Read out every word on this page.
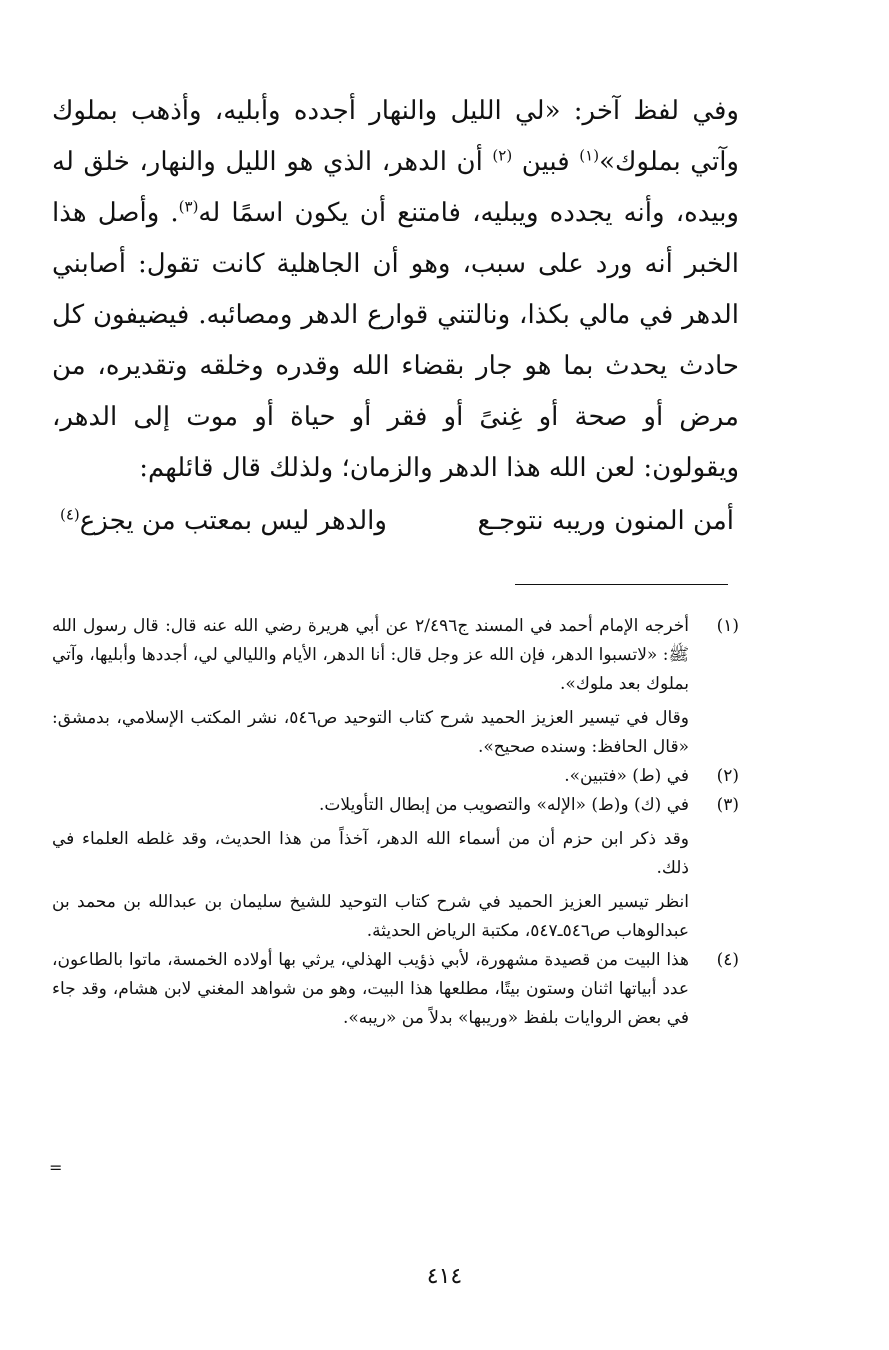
وفي لفظ آخر: «لي الليل والنهار أجدده وأبليه، وأذهب بملوك وآتي بملوك»$^{(١)}$ فبين $^{(٢)}$ أن الدهر، الذي هو الليل والنهار، خلق له وبيده، وأنه يجدده ويبليه، فامتنع أن يكون اسمًا له$^{(٣)}$. وأصل هذا الخبر أنه ورد على سبب، وهو أن الجاهلية كانت تقول: أصابني الدهر في مالي بكذا، ونالتني قوارع الدهر ومصائبه. فيضيفون كل حادث يحدث بما هو جار بقضاء الله وقدره وخلقه وتقديره، من مرض أو صحة أو غِنىً أو فقر أو حياة أو موت إلى الدهر، ويقولون: لعن الله هذا الدهر والزمان؛ ولذلك قال قائلهم:

أمن المنون وريبه نتوجـع
والدهر ليس بمعتب من يجزع$^{(٤)}$
(١)

أخرجه الإمام أحمد في المسند ج٢/٤٩٦ عن أبي هريرة رضي الله عنه قال: قال رسول الله ﷺ: «لاتسبوا الدهر، فإن الله عز وجل قال: أنا الدهر، الأيام والليالي لي، أجددها وأبليها، وآتي بملوك بعد ملوك».

وقال في تيسير العزيز الحميد شرح كتاب التوحيد ص٥٤٦، نشر المكتب الإسلامي، بدمشق: «قال الحافظ: وسنده صحيح».

(٢)

في (ط) «فتبين».

(٣)

في (ك) و(ط) «الإله» والتصويب من إبطال التأويلات.

وقد ذكر ابن حزم أن من أسماء الله الدهر، آخذاً من هذا الحديث، وقد غلطه العلماء في ذلك.

انظر تيسير العزيز الحميد في شرح كتاب التوحيد للشيخ سليمان بن عبدالله بن محمد بن عبدالوهاب ص٥٤٦ـ٥٤٧، مكتبة الرياض الحديثة.

(٤)

هذا البيت من قصيدة مشهورة، لأبي ذؤيب الهذلي، يرثي بها أولاده الخمسة، ماتوا بالطاعون، عدد أبياتها اثنان وستون بيتًا، مطلعها هذا البيت، وهو من شواهد المغني لابن هشام، وقد جاء في بعض الروايات بلفظ «وريبها» بدلاً من «ريبه».

=
٤١٤
